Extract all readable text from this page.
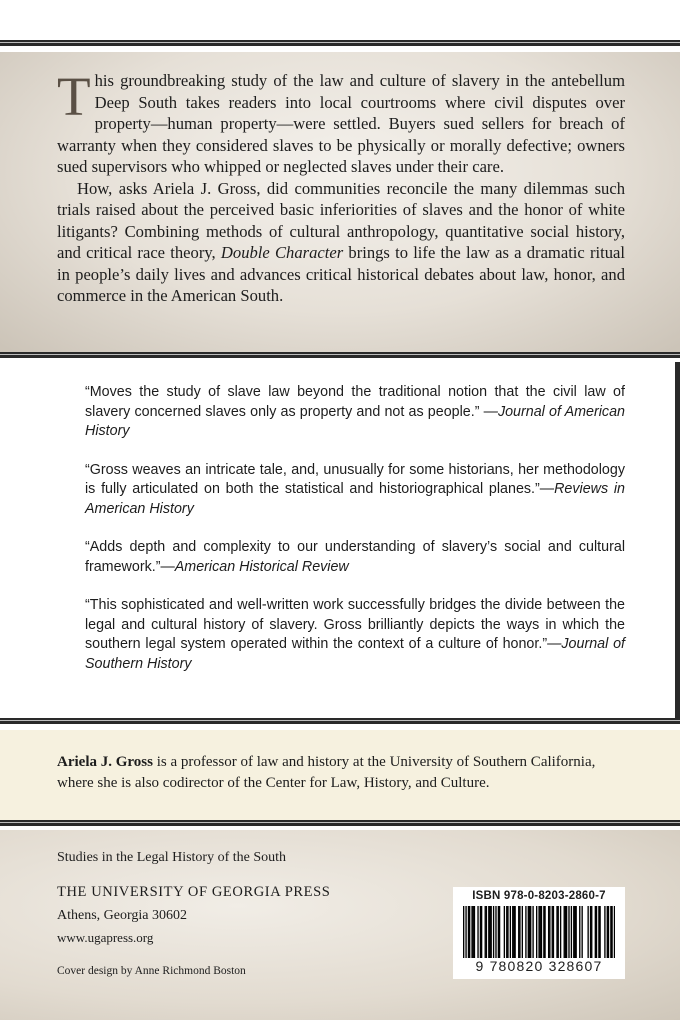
This groundbreaking study of the law and culture of slavery in the antebellum Deep South takes readers into local courtrooms where civil disputes over property—human property—were settled. Buyers sued sellers for breach of warranty when they considered slaves to be physically or morally defective; owners sued supervisors who whipped or neglected slaves under their care.

How, asks Ariela J. Gross, did communities reconcile the many dilemmas such trials raised about the perceived basic inferiorities of slaves and the honor of white litigants? Combining methods of cultural anthropology, quantitative social history, and critical race theory, Double Character brings to life the law as a dramatic ritual in people’s daily lives and advances critical historical debates about law, honor, and commerce in the American South.

“Moves the study of slave law beyond the traditional notion that the civil law of slavery concerned slaves only as property and not as people.” —Journal of American History

“Gross weaves an intricate tale, and, unusually for some historians, her methodology is fully articulated on both the statistical and historiographical planes.”—Reviews in American History

“Adds depth and complexity to our understanding of slavery’s social and cultural framework.”—American Historical Review

“This sophisticated and well-written work successfully bridges the divide between the legal and cultural history of slavery. Gross brilliantly depicts the ways in which the southern legal system operated within the context of a culture of honor.”—Journal of Southern History

Ariela J. Gross is a professor of law and history at the University of Southern California, where she is also codirector of the Center for Law, History, and Culture.

Studies in the Legal History of the South

THE UNIVERSITY OF GEORGIA PRESS

Athens, Georgia 30602

www.ugapress.org

Cover design by Anne Richmond Boston

ISBN 978-0-8203-2860-7
9 780820 328607
